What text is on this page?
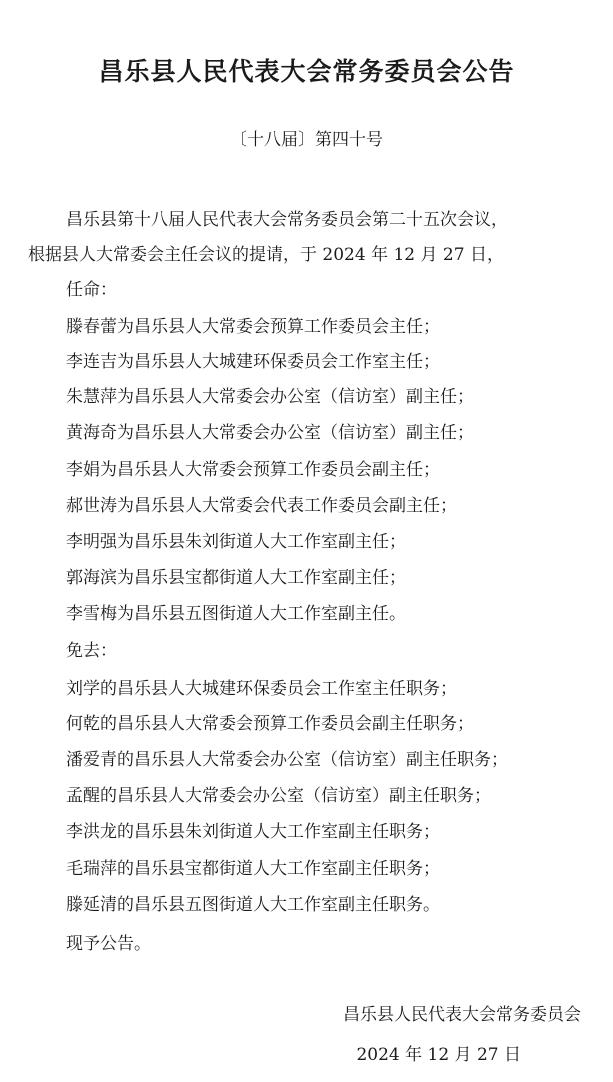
昌乐县人民代表大会常务委员会公告
〔十八届〕第四十号
昌乐县第十八届人民代表大会常务委员会第二十五次会议，
根据县人大常委会主任会议的提请，于 2024 年 12 月 27 日，
任命：
滕春蕾为昌乐县人大常委会预算工作委员会主任；
李连吉为昌乐县人大城建环保委员会工作室主任；
朱慧萍为昌乐县人大常委会办公室（信访室）副主任；
黄海奇为昌乐县人大常委会办公室（信访室）副主任；
李娟为昌乐县人大常委会预算工作委员会副主任；
郝世涛为昌乐县人大常委会代表工作委员会副主任；
李明强为昌乐县朱刘街道人大工作室副主任；
郭海滨为昌乐县宝都街道人大工作室副主任；
李雪梅为昌乐县五图街道人大工作室副主任。
免去：
刘学的昌乐县人大城建环保委员会工作室主任职务；
何乾的昌乐县人大常委会预算工作委员会副主任职务；
潘爱青的昌乐县人大常委会办公室（信访室）副主任职务；
孟醒的昌乐县人大常委会办公室（信访室）副主任职务；
李洪龙的昌乐县朱刘街道人大工作室副主任职务；
毛瑞萍的昌乐县宝都街道人大工作室副主任职务；
滕延清的昌乐县五图街道人大工作室副主任职务。
现予公告。
昌乐县人民代表大会常务委员会
2024 年 12 月 27 日
